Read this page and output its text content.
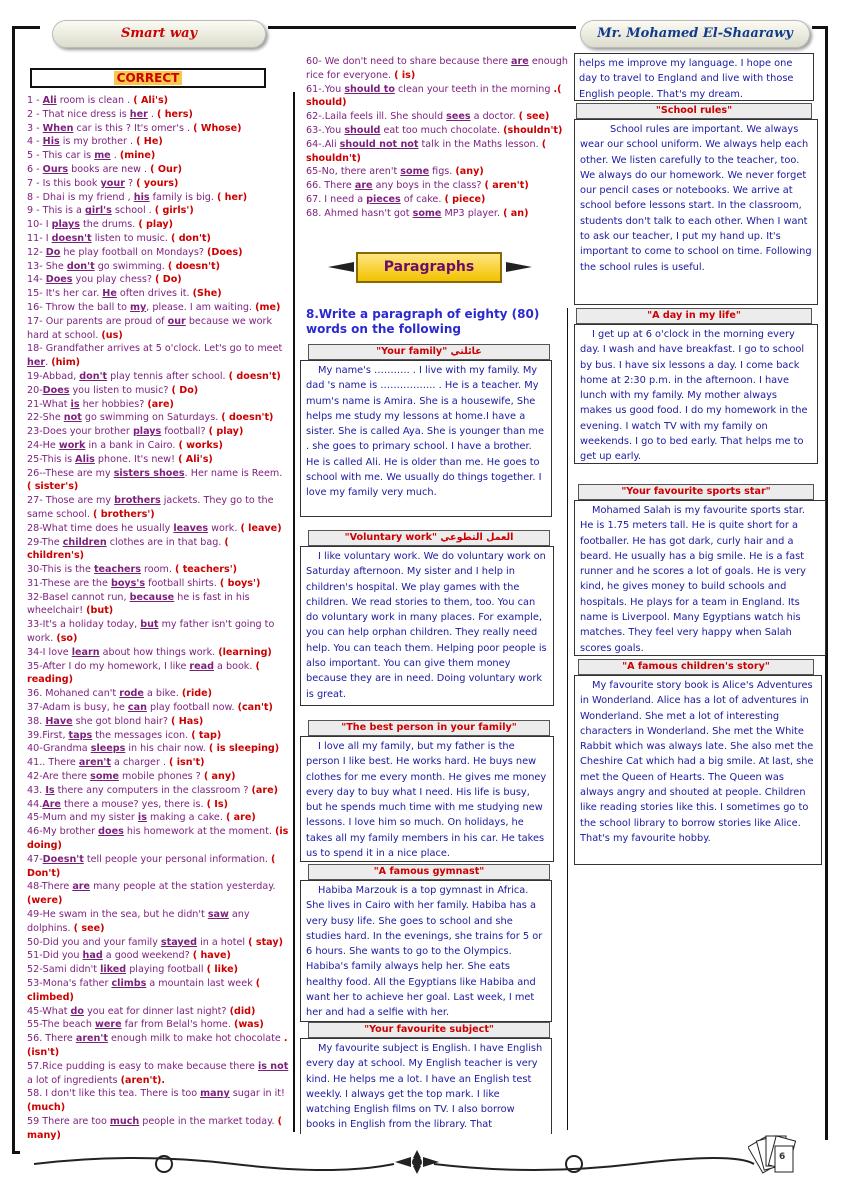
Smart way	Mr. Mohamed El-Shaarawy
CORRECT
1 - Ali room is clean . ( Ali's)
2 - That nice dress is her . ( hers)
3 - When car is this ? It's omer's . ( Whose)
4 - His is my brother . ( He)
5 - This car is me . (mine)
6 - Ours books are new . ( Our)
7 - Is this book your ? ( yours)
8 - Dhai is my friend , his family is big. ( her)
9 - This is a girl's school . ( girls')
10- I plays the drums. ( play)
11- I doesn't listen to music. ( don't)
12- Do he play football on Mondays? (Does)
13- She don't go swimming. ( doesn't)
14- Does you play chess? ( Do)
15- It's her car. He often drives it. (She)
16- Throw the ball to my, please. I am waiting. (me)
17- Our parents are proud of our because we work hard at school. (us)
18- Grandfather arrives at 5 o'clock. Let's go to meet her. (him)
19-Abbad, don't play tennis after school. ( doesn't)
20-Does you listen to music? ( Do)
21-What is her hobbies? (are)
22-She not go swimming on Saturdays. ( doesn't)
23-Does your brother plays football? ( play)
24-He work in a bank in Cairo. ( works)
25-This is Alis phone. It's new! ( Ali's)
26--These are my sisters shoes. Her name is Reem. ( sister's)
27- Those are my brothers jackets. They go to the same school. ( brothers')
28-What time does he usually leaves work. ( leave)
29-The children clothes are in that bag. ( children's)
30-This is the teachers room. ( teachers')
31-These are the boys's football shirts. ( boys')
32-Basel cannot run, because he is fast in his wheelchair! (but)
33-It's a holiday today, but my father isn't going to work. (so)
34-I love learn about how things work. (learning)
35-After I do my homework, I like read a book. ( reading)
36. Mohaned can't rode a bike. (ride)
37-Adam is busy, he can play football now. (can't)
38. Have she got blond hair? ( Has)
39.First, taps the messages icon. ( tap)
40-Grandma sleeps in his chair now. ( is sleeping)
41.. There aren't a charger . ( isn't)
42-Are there some mobile phones ? ( any)
43. Is there any computers in the classroom ? (are)
44.Are there a mouse? yes, there is. ( Is)
45-Mum and my sister is making a cake. ( are)
46-My brother does his homework at the moment. (is doing)
47-Doesn't tell people your personal information. ( Don't)
48-There are many people at the station yesterday. (were)
49-He swam in the sea, but he didn't saw any dolphins. ( see)
50-Did you and your family stayed in a hotel ( stay)
51-Did you had a good weekend? ( have)
52-Sami didn't liked playing football ( like)
53-Mona's father climbs a mountain last week ( climbed)
45-What do you eat for dinner last night? (did)
55-The beach were far from Belal's home. (was)
56. There aren't enough milk to make hot chocolate .(isn't)
57.Rice pudding is easy to make because there is not a lot of ingredients (aren't).
58. I don't like this tea. There is too many sugar in it! (much)
59 There are too much people in the market today. ( many)
60- We don't need to share because there are enough rice for everyone. ( is)
61-.You should to clean your teeth in the morning .( should)
62-.Laila feels ill. She should sees a doctor. ( see)
63-.You should eat too much chocolate. (shouldn't)
64-.Ali should not not talk in the Maths lesson. ( shouldn't)
65-No, there aren't some figs. (any)
66. There are any boys in the class? ( aren't)
67. I need a pieces of cake. ( piece)
68. Ahmed hasn't got some MP3 player. ( an)
Paragraphs
8.Write a paragraph of eighty (80) words on the following
"Your family" عائلتي

My name's ……….. . I live with my family. My dad 's name is …………….. . He is a teacher. My mum's name is Amira. She is a housewife, She helps me study my lessons at home.I have a sister. She is called Aya. She is younger than me . she goes to primary school. I have a brother. He is called Ali. He is older than me. He goes to school with me. We usually do things together. I love my family very much.

"Voluntary work" العمل التطوعي

I like voluntary work. We do voluntary work on Saturday afternoon. My sister and I help in children's hospital. We play games with the children. We read stories to them, too. You can do voluntary work in many places. For example, you can help orphan children. They really need help. You can teach them. Helping poor people is also important. You can give them money because they are in need. Doing voluntary work is great.

"The best person in your family"

I love all my family, but my father is the person I like best. He works hard. He buys new clothes for me every month. He gives me money every day to buy what I need. His life is busy, but he spends much time with me studying new lessons. I love him so much. On holidays, he takes all my family members in his car. He takes us to spend it in a nice place.

"A famous gymnast"

Habiba Marzouk is a top gymnast in Africa. She lives in Cairo with her family. Habiba has a very busy life. She goes to school and she studies hard. In the evenings, she trains for 5 or 6 hours. She wants to go to the Olympics. Habiba's family always help her. She eats healthy food. All the Egyptians like Habiba and want her to achieve her goal. Last week, I met her and had a selfie with her.

"Your favourite subject"

My favourite subject is English. I have English every day at school. My English teacher is very kind. He helps me a lot. I have an English test weekly. I always get the top mark. I like watching English films on TV. I also borrow books in English from the library. That

helps me improve my language. I hope one day to travel to England and live with those English people. That's my dream.

"School rules"

School rules are important. We always wear our school uniform. We always help each other. We listen carefully to the teacher, too. We always do our homework. We never forget our pencil cases or notebooks. We arrive at school before lessons start. In the classroom, students don't talk to each other. When I want to ask our teacher, I put my hand up. It's important to come to school on time. Following the school rules is useful.

"A day in my life"

I get up at 6 o'clock in the morning every day. I wash and have breakfast. I go to school by bus. I have six lessons a day. I come back home at 2:30 p.m. in the afternoon. I have lunch with my family. My mother always makes us good food. I do my homework in the evening. I watch TV with my family on weekends. I go to bed early. That helps me to get up early.

"Your favourite sports star"

Mohamed Salah is my favourite sports star. He is 1.75 meters tall. He is quite short for a footballer. He has got dark, curly hair and a beard. He usually has a big smile. He is a fast runner and he scores a lot of goals. He is very kind, he gives money to build schools and hospitals. He plays for a team in England. Its name is Liverpool. Many Egyptians watch his matches. They feel very happy when Salah scores goals.

"A famous children's story"

My favourite story book is Alice's Adventures in Wonderland. Alice has a lot of adventures in Wonderland. She met a lot of interesting characters in Wonderland. She met the White Rabbit which was always late. She also met the Cheshire Cat which had a big smile. At last, she met the Queen of Hearts. The Queen was always angry and shouted at people. Children like reading stories like this. I sometimes go to the school library to borrow stories like Alice. That's my favourite hobby.

6
